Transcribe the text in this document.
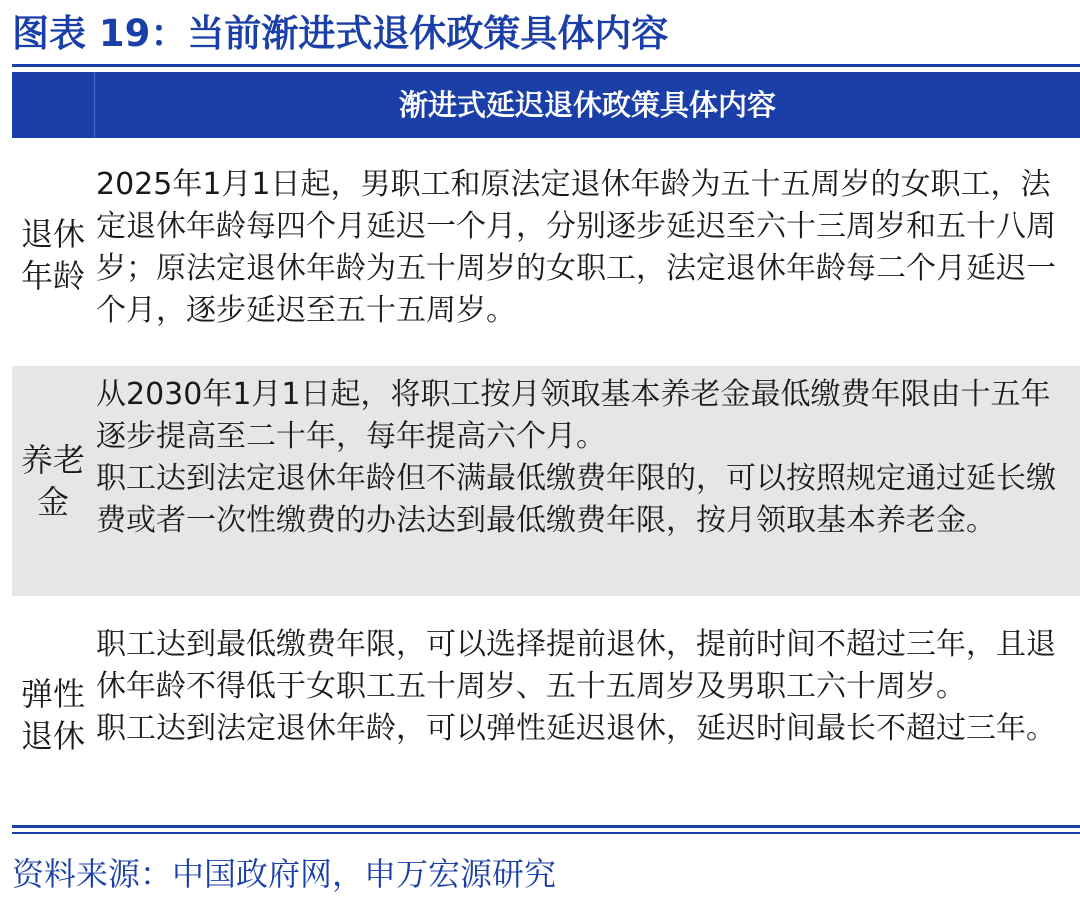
图表 19：当前渐进式退休政策具体内容
渐进式延迟退休政策具体内容
退休
年龄

2025年1月1日起，男职工和原法定退休年龄为五十五周岁的女职工，法定退休年龄每四个月延迟一个月，分别逐步延迟至六十三周岁和五十八周岁；原法定退休年龄为五十周岁的女职工，法定退休年龄每二个月延迟一个月，逐步延迟至五十五周岁。

养老
金

从2030年1月1日起，将职工按月领取基本养老金最低缴费年限由十五年逐步提高至二十年，每年提高六个月。

职工达到法定退休年龄但不满最低缴费年限的，可以按照规定通过延长缴费或者一次性缴费的办法达到最低缴费年限，按月领取基本养老金。

弹性
退休

职工达到最低缴费年限，可以选择提前退休，提前时间不超过三年，且退休年龄不得低于女职工五十周岁、五十五周岁及男职工六十周岁。

职工达到法定退休年龄，可以弹性延迟退休，延迟时间最长不超过三年。

资料来源：中国政府网，申万宏源研究
